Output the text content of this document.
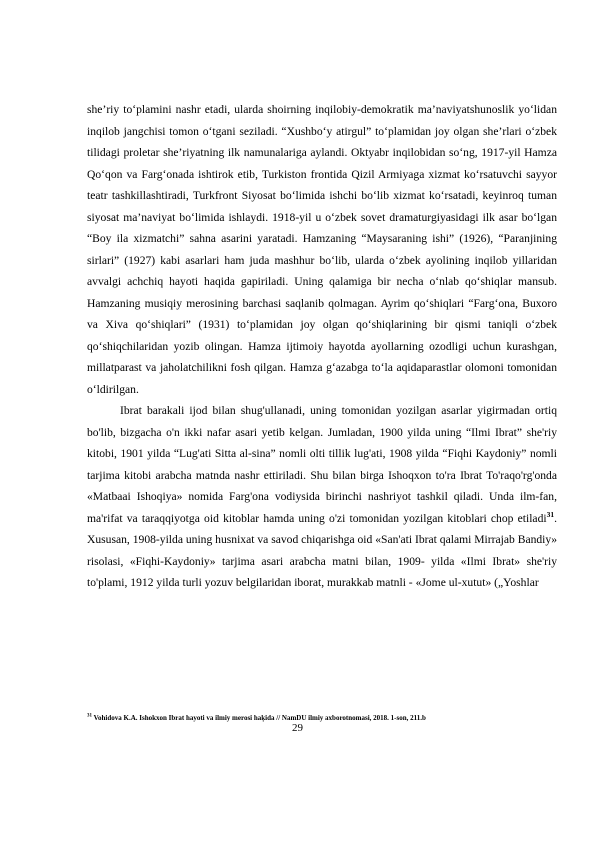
she’riy to‘plamini nashr etadi, ularda shoirning inqilobiy-demokratik ma’naviyatshunoslik yo‘lidan inqilob jangchisi tomon o‘tgani seziladi. “Xushbo‘y atirgul” to‘plamidan joy olgan she’rlari o‘zbek tilidagi proletar she’riyatning ilk namunalariga aylandi. Oktyabr inqilobidan so‘ng, 1917-yil Hamza Qo‘qon va Farg‘onada ishtirok etib, Turkiston frontida Qizil Armiyaga xizmat ko‘rsatuvchi sayyor teatr tashkillashtiradi, Turkfront Siyosat bo‘limida ishchi bo‘lib xizmat ko‘rsatadi, keyinroq tuman siyosat ma’naviyat bo‘limida ishlaydi. 1918-yil u o‘zbek sovet dramaturgiyasidagi ilk asar bo‘lgan “Boy ila xizmatchi” sahna asarini yaratadi. Hamzaning “Maysaraning ishi” (1926), “Paranjining sirlari” (1927) kabi asarlari ham juda mashhur bo‘lib, ularda o‘zbek ayolining inqilob yillaridan avvalgi achchiq hayoti haqida gapiriladi. Uning qalamiga bir necha o‘nlab qo‘shiqlar mansub. Hamzaning musiqiy merosining barchasi saqlanib qolmagan. Ayrim qo‘shiqlari “Farg‘ona, Buxoro va Xiva qo‘shiqlari” (1931) to‘plamidan joy olgan qo‘shiqlarining bir qismi taniqli o‘zbek qo‘shiqchilaridan yozib olingan. Hamza ijtimoiy hayotda ayollarning ozodligi uchun kurashgan, millatparast va jaholatchilikni fosh qilgan. Hamza g‘azabga to‘la aqidaparastlar olomoni tomonidan o‘ldirilgan.

Ibrat barakali ijod bilan shug'ullanadi, uning tomonidan yozilgan asarlar yigirmadan ortiq bo'lib, bizgacha o'n ikki nafar asari yetib kelgan. Jumladan, 1900 yilda uning “Ilmi Ibrat” she'riy kitobi, 1901 yilda “Lug'ati Sitta al-sina” nomli olti tillik lug'ati, 1908 yilda “Fiqhi Kaydoniy” nomli tarjima kitobi arabcha matnda nashr ettiriladi. Shu bilan birga Ishoqxon to'ra Ibrat To'raqo'rg'onda «Matbaai Ishoqiya» nomida Farg'ona vodiysida birinchi nashriyot tashkil qiladi. Unda ilm-fan, ma'rifat va taraqqiyotga oid kitoblar hamda uning o'zi tomonidan yozilgan kitoblari chop etiladi$^{31}$. Xususan, 1908-yilda uning husnixat va savod chiqarishga oid «San'ati Ibrat qalami Mirrajab Bandiy» risolasi, «Fiqhi-Kaydoniy» tarjima asari arabcha matni bilan, 1909- yilda «Ilmi Ibrat» she'riy to'plami, 1912 yilda turli yozuv belgilaridan iborat, murakkab matnli - «Jome ul-xutut» („Yoshlar

$^{31}$ Vohidova K.A. Ishokxon Ibrat hayoti va ilmiy merosi haķida // NamDU ilmiy axborotnomasi, 2018. 1-son, 211.b
29
